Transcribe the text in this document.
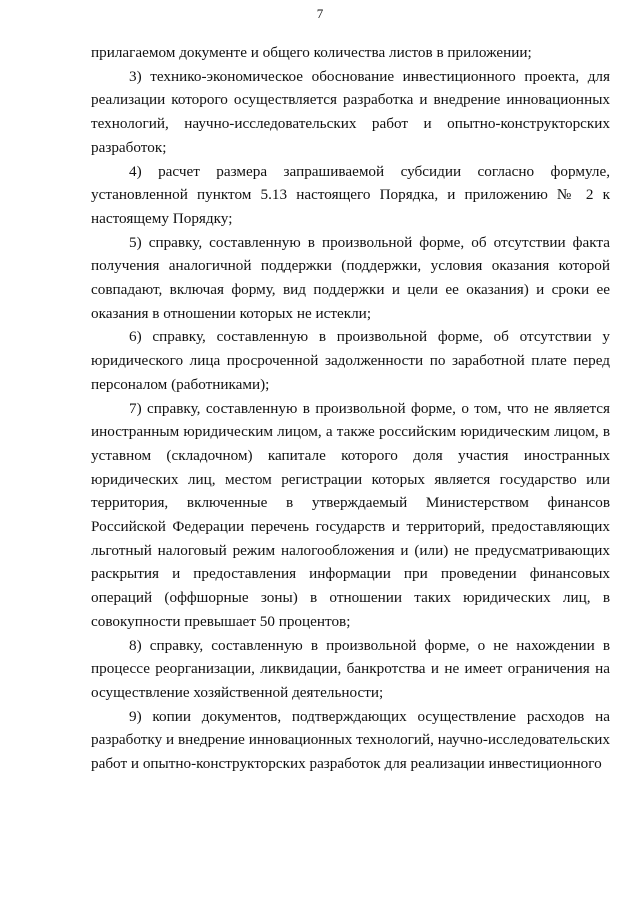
7

прилагаемом документе и общего количества листов в приложении;

3) технико-экономическое обоснование инвестиционного проекта, для реализации которого осуществляется разработка и внедрение инновационных технологий, научно-исследовательских работ и опытно-конструкторских разработок;

4) расчет размера запрашиваемой субсидии согласно формуле, установленной пунктом 5.13 настоящего Порядка, и приложению № 2 к настоящему Порядку;

5) справку, составленную в произвольной форме, об отсутствии факта получения аналогичной поддержки (поддержки, условия оказания которой совпадают, включая форму, вид поддержки и цели ее оказания) и сроки ее оказания в отношении которых не истекли;

6) справку, составленную в произвольной форме, об отсутствии у юридического лица просроченной задолженности по заработной плате перед персоналом (работниками);

7) справку, составленную в произвольной форме, о том, что не является иностранным юридическим лицом, а также российским юридическим лицом, в уставном (складочном) капитале которого доля участия иностранных юридических лиц, местом регистрации которых является государство или территория, включенные в утверждаемый Министерством финансов Российской Федерации перечень государств и территорий, предоставляющих льготный налоговый режим налогообложения и (или) не предусматривающих раскрытия и предоставления информации при проведении финансовых операций (оффшорные зоны) в отношении таких юридических лиц, в совокупности превышает 50 процентов;

8) справку, составленную в произвольной форме, о не нахождении в процессе реорганизации, ликвидации, банкротства и не имеет ограничения на осуществление хозяйственной деятельности;

9) копии документов, подтверждающих осуществление расходов на разработку и внедрение инновационных технологий, научно-исследовательских работ и опытно-конструкторских разработок для реализации инвестиционного
